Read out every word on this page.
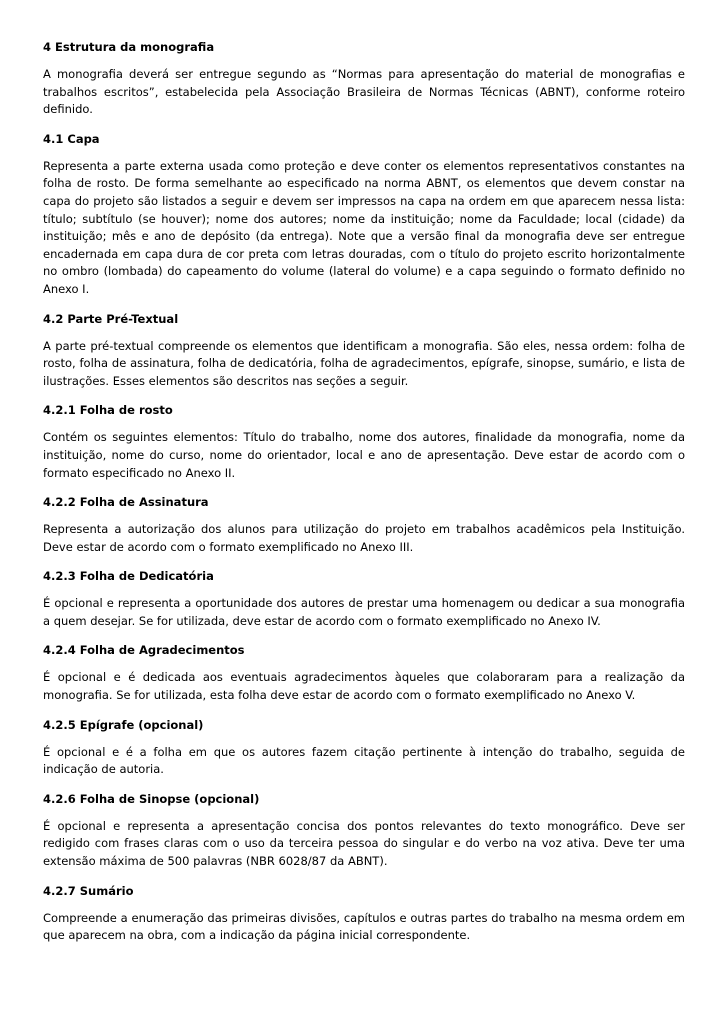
4 Estrutura da monografia

A monografia deverá ser entregue segundo as “Normas para apresentação do material de monografias e trabalhos escritos”, estabelecida pela Associação Brasileira de Normas Técnicas (ABNT), conforme roteiro definido.

4.1 Capa

Representa a parte externa usada como proteção e deve conter os elementos representativos constantes na folha de rosto. De forma semelhante ao especificado na norma ABNT, os elementos que devem constar na capa do projeto são listados a seguir e devem ser impressos na capa na ordem em que aparecem nessa lista: título; subtítulo (se houver); nome dos autores; nome da instituição; nome da Faculdade; local (cidade) da instituição; mês e ano de depósito (da entrega). Note que a versão final da monografia deve ser entregue encadernada em capa dura de cor preta com letras douradas, com o título do projeto escrito horizontalmente no ombro (lombada) do capeamento do volume (lateral do volume) e a capa seguindo o formato definido no Anexo I.

4.2 Parte Pré-Textual

A parte pré-textual compreende os elementos que identificam a monografia. São eles, nessa ordem: folha de rosto, folha de assinatura, folha de dedicatória, folha de agradecimentos, epígrafe, sinopse, sumário, e lista de ilustrações. Esses elementos são descritos nas seções a seguir.

4.2.1 Folha de rosto

Contém os seguintes elementos: Título do trabalho, nome dos autores, finalidade da monografia, nome da instituição, nome do curso, nome do orientador, local e ano de apresentação. Deve estar de acordo com o formato especificado no Anexo II.

4.2.2 Folha de Assinatura

Representa a autorização dos alunos para utilização do projeto em trabalhos acadêmicos pela Instituição. Deve estar de acordo com o formato exemplificado no Anexo III.

4.2.3 Folha de Dedicatória

É opcional e representa a oportunidade dos autores de prestar uma homenagem ou dedicar a sua monografia a quem desejar. Se for utilizada, deve estar de acordo com o formato exemplificado no Anexo IV.

4.2.4 Folha de Agradecimentos

É opcional e é dedicada aos eventuais agradecimentos àqueles que colaboraram para a realização da monografia. Se for utilizada, esta folha deve estar de acordo com o formato exemplificado no Anexo V.

4.2.5 Epígrafe (opcional)

É opcional e é a folha em que os autores fazem citação pertinente à intenção do trabalho, seguida de indicação de autoria.

4.2.6 Folha de Sinopse (opcional)

É opcional e representa a apresentação concisa dos pontos relevantes do texto monográfico. Deve ser redigido com frases claras com o uso da terceira pessoa do singular e do verbo na voz ativa. Deve ter uma extensão máxima de 500 palavras (NBR 6028/87 da ABNT).

4.2.7 Sumário

Compreende a enumeração das primeiras divisões, capítulos e outras partes do trabalho na mesma ordem em que aparecem na obra, com a indicação da página inicial correspondente.
